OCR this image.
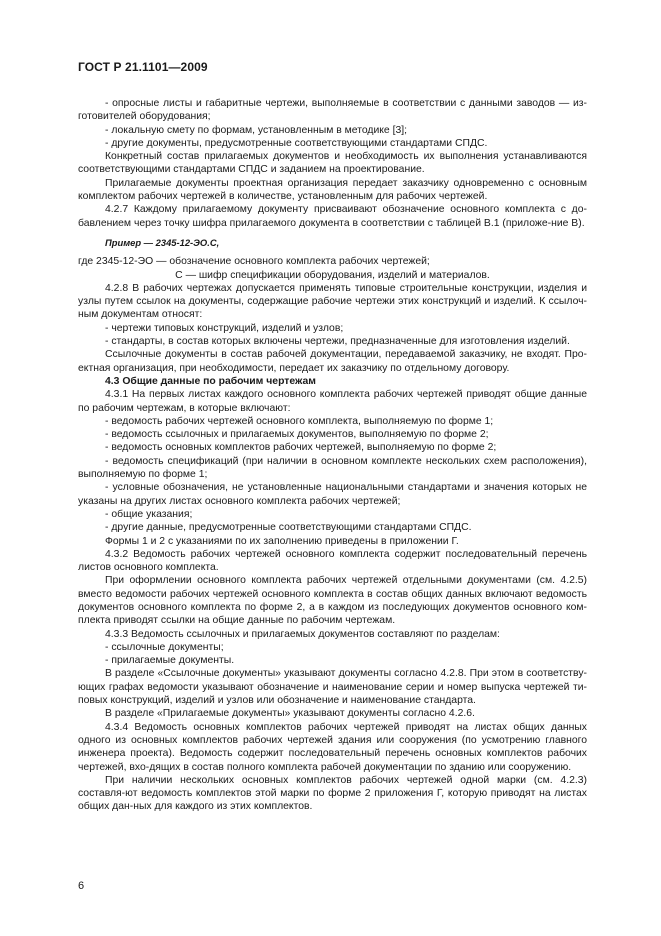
ГОСТ Р 21.1101—2009

- опросные листы и габаритные чертежи, выполняемые в соответствии с данными заводов — из-готовителей оборудования;

- локальную смету по формам, установленным в методике [3];

- другие документы, предусмотренные соответствующими стандартами СПДС.

Конкретный состав прилагаемых документов и необходимость их выполнения устанавливаются соответствующими стандартами СПДС и заданием на проектирование.

Прилагаемые документы проектная организация передает заказчику одновременно с основным комплектом рабочих чертежей в количестве, установленным для рабочих чертежей.

4.2.7 Каждому прилагаемому документу присваивают обозначение основного комплекта с до-бавлением через точку шифра прилагаемого документа в соответствии с таблицей В.1 (приложе-ние В).

Пример — 2345-12-ЭО.С,

где 2345-12-ЭО — обозначение основного комплекта рабочих чертежей;

С — шифр спецификации оборудования, изделий и материалов.

4.2.8 В рабочих чертежах допускается применять типовые строительные конструкции, изделия и узлы путем ссылок на документы, содержащие рабочие чертежи этих конструкций и изделий. К ссылоч-ным документам относят:

- чертежи типовых конструкций, изделий и узлов;

- стандарты, в состав которых включены чертежи, предназначенные для изготовления изделий.

Ссылочные документы в состав рабочей документации, передаваемой заказчику, не входят. Про-ектная организация, при необходимости, передает их заказчику по отдельному договору.

4.3 Общие данные по рабочим чертежам

4.3.1 На первых листах каждого основного комплекта рабочих чертежей приводят общие данные по рабочим чертежам, в которые включают:

- ведомость рабочих чертежей основного комплекта, выполняемую по форме 1;

- ведомость ссылочных и прилагаемых документов, выполняемую по форме 2;

- ведомость основных комплектов рабочих чертежей, выполняемую по форме 2;

- ведомость спецификаций (при наличии в основном комплекте нескольких схем расположения), выполняемую по форме 1;

- условные обозначения, не установленные национальными стандартами и значения которых не указаны на других листах основного комплекта рабочих чертежей;

- общие указания;

- другие данные, предусмотренные соответствующими стандартами СПДС.

Формы 1 и 2 с указаниями по их заполнению приведены в приложении Г.

4.3.2 Ведомость рабочих чертежей основного комплекта содержит последовательный перечень листов основного комплекта.

При оформлении основного комплекта рабочих чертежей отдельными документами (см. 4.2.5) вместо ведомости рабочих чертежей основного комплекта в состав общих данных включают ведомость документов основного комплекта по форме 2, а в каждом из последующих документов основного ком-плекта приводят ссылки на общие данные по рабочим чертежам.

4.3.3 Ведомость ссылочных и прилагаемых документов составляют по разделам:

- ссылочные документы;

- прилагаемые документы.

В разделе «Ссылочные документы» указывают документы согласно 4.2.8. При этом в соответству-ющих графах ведомости указывают обозначение и наименование серии и номер выпуска чертежей ти-повых конструкций, изделий и узлов или обозначение и наименование стандарта.

В разделе «Прилагаемые документы» указывают документы согласно 4.2.6.

4.3.4 Ведомость основных комплектов рабочих чертежей приводят на листах общих данных одного из основных комплектов рабочих чертежей здания или сооружения (по усмотрению главного инженера проекта). Ведомость содержит последовательный перечень основных комплектов рабочих чертежей, вхо-дящих в состав полного комплекта рабочей документации по зданию или сооружению.

При наличии нескольких основных комплектов рабочих чертежей одной марки (см. 4.2.3) составля-ют ведомость комплектов этой марки по форме 2 приложения Г, которую приводят на листах общих дан-ных для каждого из этих комплектов.

6
